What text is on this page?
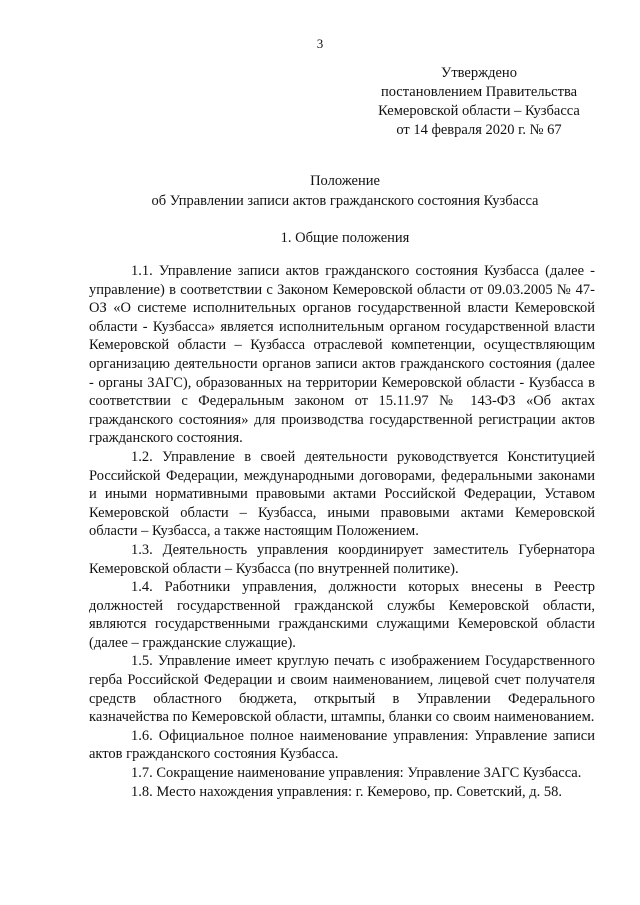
3
Утверждено
постановлением Правительства
Кемеровской области – Кузбасса
от 14 февраля 2020 г. № 67
Положение
об Управлении записи актов гражданского состояния Кузбасса
1. Общие положения

1.1. Управление записи актов гражданского состояния Кузбасса (далее - управление) в соответствии с Законом Кемеровской области от 09.03.2005 № 47-ОЗ «О системе исполнительных органов государственной власти Кемеровской области - Кузбасса» является исполнительным органом государственной власти Кемеровской области – Кузбасса отраслевой компетенции, осуществляющим организацию деятельности органов записи актов гражданского состояния (далее - органы ЗАГС), образованных на территории Кемеровской области - Кузбасса в соответствии с Федеральным законом от 15.11.97 № 143-ФЗ «Об актах гражданского состояния» для производства государственной регистрации актов гражданского состояния.

1.2. Управление в своей деятельности руководствуется Конституцией Российской Федерации, международными договорами, федеральными законами и иными нормативными правовыми актами Российской Федерации, Уставом Кемеровской области – Кузбасса, иными правовыми актами Кемеровской области – Кузбасса, а также настоящим Положением.

1.3. Деятельность управления координирует заместитель Губернатора Кемеровской области – Кузбасса (по внутренней политике).

1.4. Работники управления, должности которых внесены в Реестр должностей государственной гражданской службы Кемеровской области, являются государственными гражданскими служащими Кемеровской области (далее – гражданские служащие).

1.5. Управление имеет круглую печать с изображением Государственного герба Российской Федерации и своим наименованием, лицевой счет получателя средств областного бюджета, открытый в Управлении Федерального казначейства по Кемеровской области, штампы, бланки со своим наименованием.

1.6. Официальное полное наименование управления: Управление записи актов гражданского состояния Кузбасса.

1.7. Сокращение наименование управления: Управление ЗАГС Кузбасса.

1.8. Место нахождения управления: г. Кемерово, пр. Советский, д. 58.
